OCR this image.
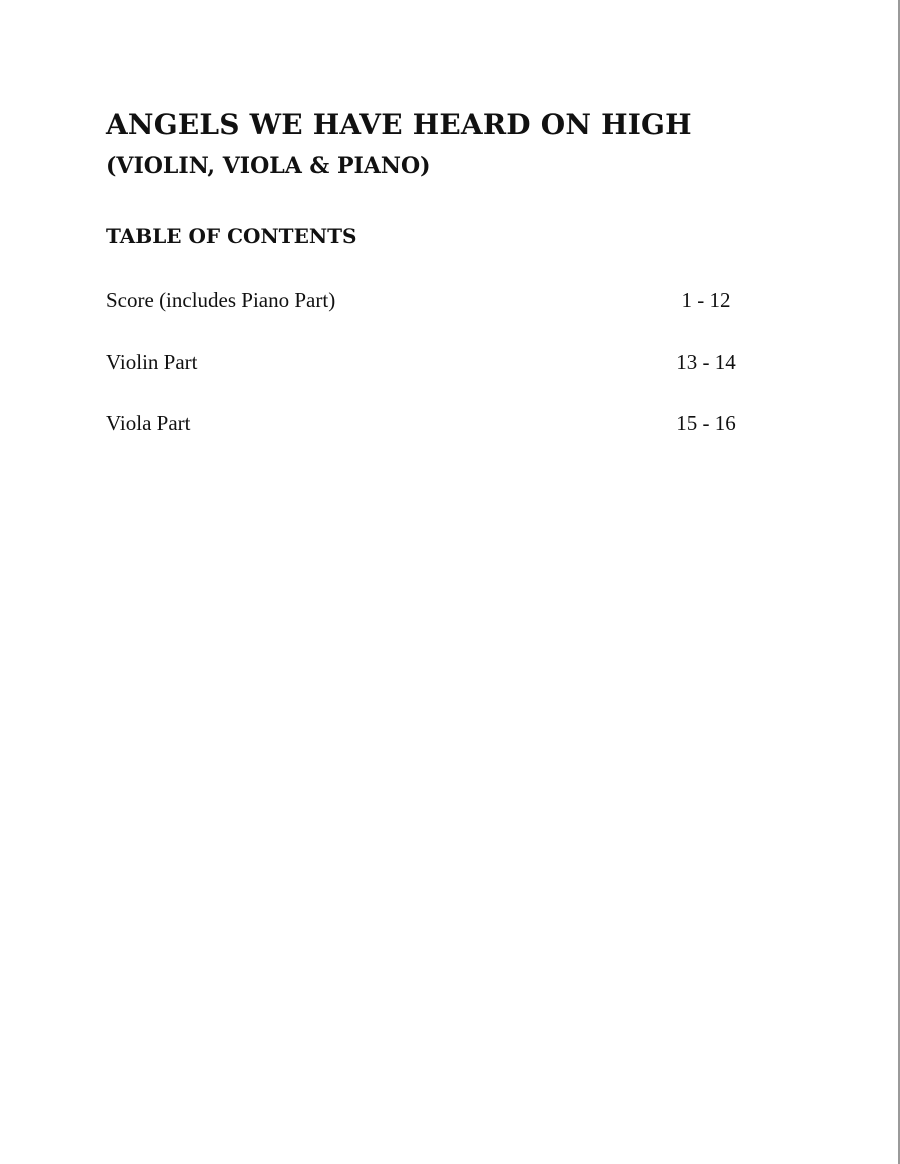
ANGELS WE HAVE HEARD ON HIGH
(VIOLIN, VIOLA & PIANO)
TABLE OF CONTENTS
Score (includes Piano Part)	1 - 12
Violin Part	13 - 14
Viola Part	15 - 16
